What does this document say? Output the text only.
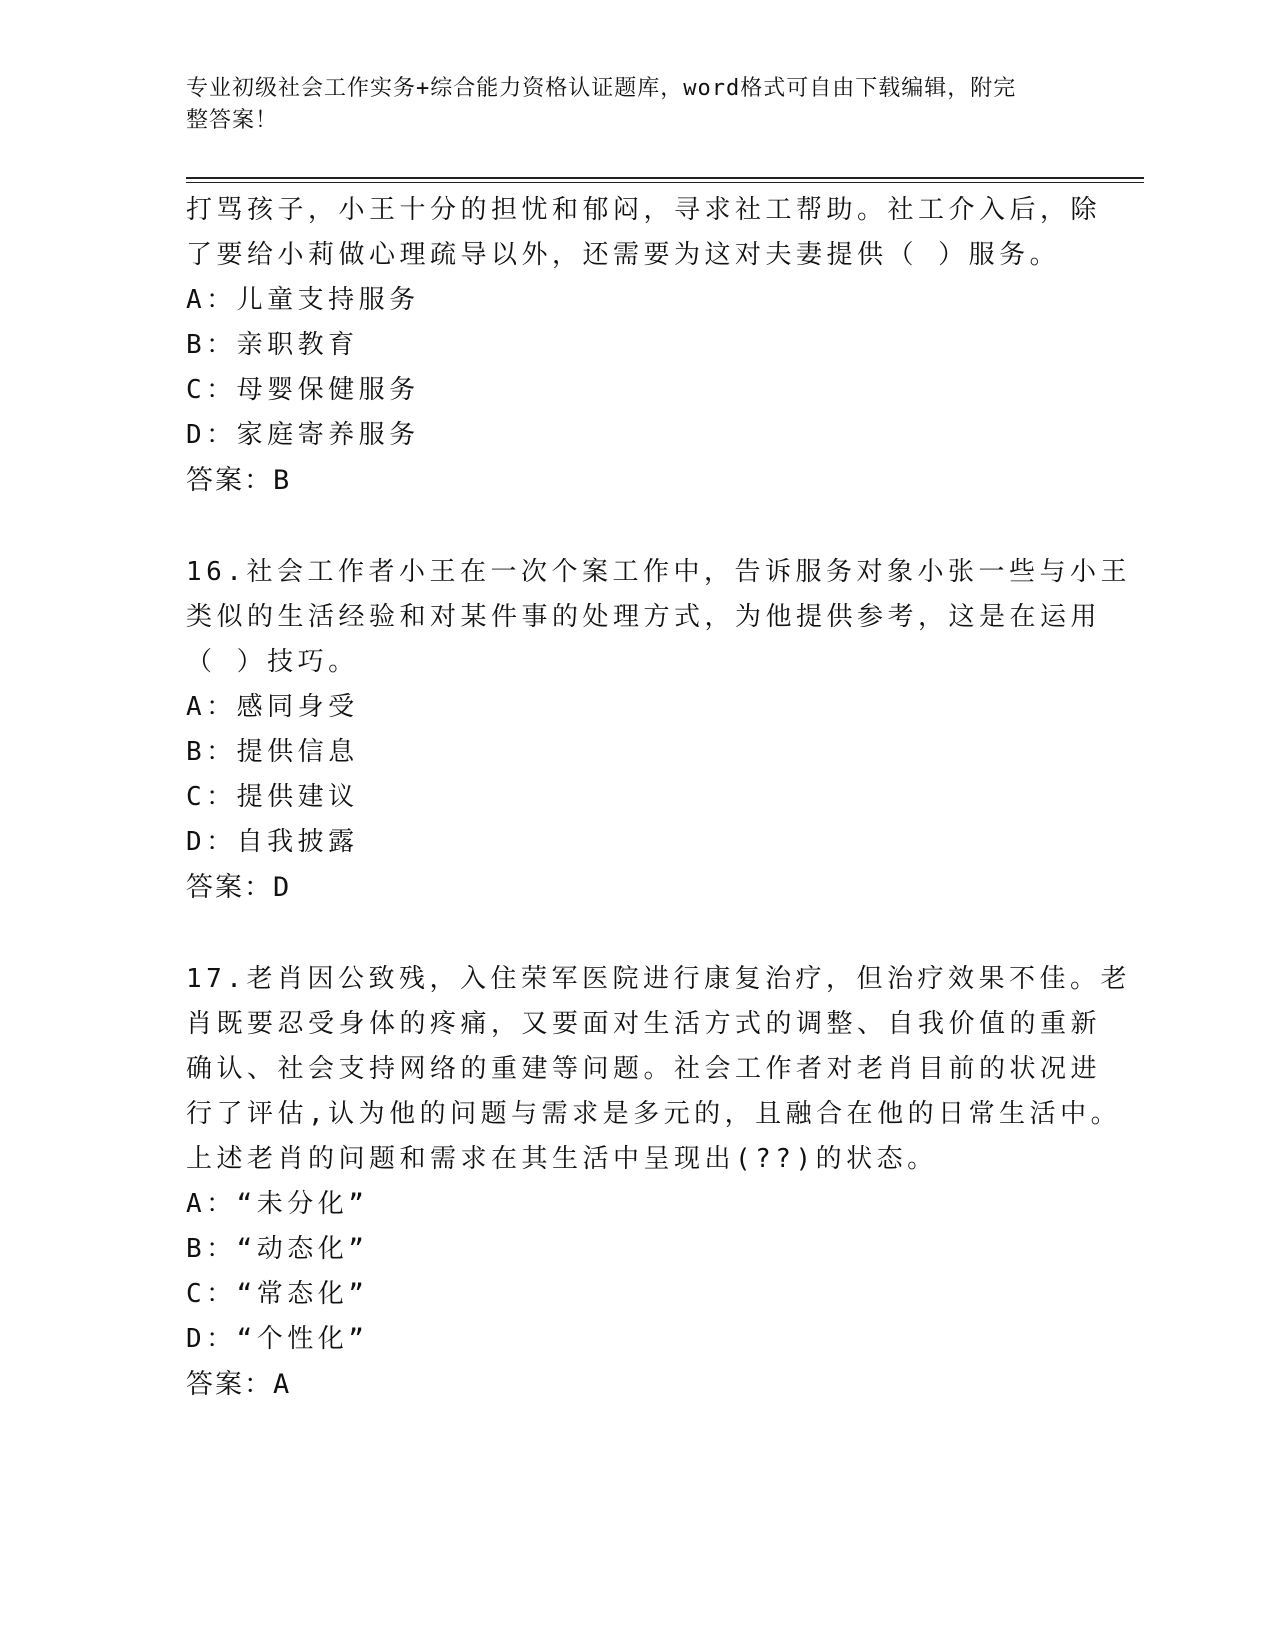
专业初级社会工作实务+综合能力资格认证题库，word格式可自由下载编辑，附完
整答案！
打骂孩子，小王十分的担忧和郁闷，寻求社工帮助。社工介入后，除
了要给小莉做心理疏导以外，还需要为这对夫妻提供（ ）服务。
A：儿童支持服务
B：亲职教育
C：母婴保健服务
D：家庭寄养服务
答案：B
16.社会工作者小王在一次个案工作中，告诉服务对象小张一些与小王
类似的生活经验和对某件事的处理方式，为他提供参考，这是在运用
（ ）技巧。
A：感同身受
B：提供信息
C：提供建议
D：自我披露
答案：D
17.老肖因公致残，入住荣军医院进行康复治疗，但治疗效果不佳。老
肖既要忍受身体的疼痛，又要面对生活方式的调整、自我价值的重新
确认、社会支持网络的重建等问题。社会工作者对老肖目前的状况进
行了评估,认为他的问题与需求是多元的，且融合在他的日常生活中。
上述老肖的问题和需求在其生活中呈现出(??)的状态。
A：“未分化”
B：“动态化”
C：“常态化”
D：“个性化”
答案：A
